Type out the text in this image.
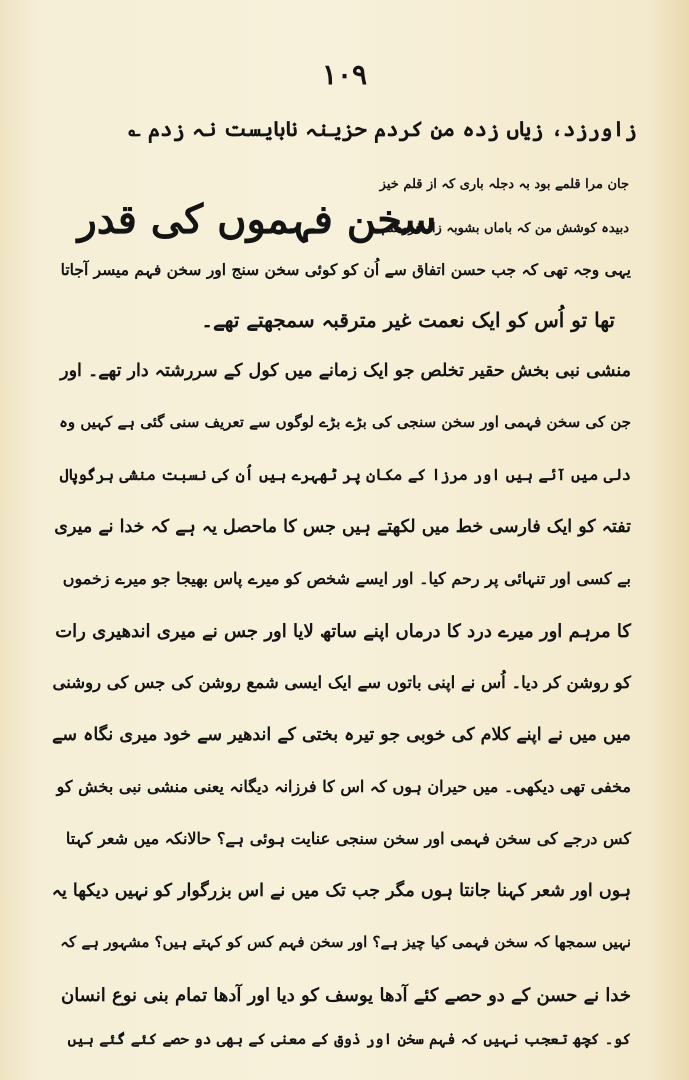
١٠٩
زاورزد، زیاں زدہ من کردم حزینہ نابایست نہ زدم ؎
جان مرا قلمے بود بہ دجلہ باری کہ از قلم خیز
دبیدہ کوشش من کہ باماں بشوبہ زاد فروختم
سخن فہموں کی قدر
یہی وجہ تھی کہ جب حسن اتفاق سے اُن کو کوئی سخن سنج اور سخن فہم میسر آجاتا
تھا تو اُس کو ایک نعمت غیر مترقبہ سمجھتے تھے۔
منشی نبی بخش حقیر تخلص جو ایک زمانے میں کول کے سررشتہ دار تھے۔ اور
جن کی سخن فہمی اور سخن سنجی کی بڑے بڑے لوگوں سے تعریف سنی گئی ہے کہیں وہ
دلی میں آئے ہیں اور مرزا کے مکان پر ٹھہرے ہیں اُن کی نسبت منشی ہرگوپال
تفتہ کو ایک فارسی خط میں لکھتے ہیں جس کا ماحصل یہ ہے کہ خدا نے میری
بے کسی اور تنہائی پر رحم کیا۔ اور ایسے شخص کو میرے پاس بھیجا جو میرے زخموں
کا مرہم اور میرے درد کا درماں اپنے ساتھ لایا اور جس نے میری اندھیری رات
کو روشن کر دیا۔ اُس نے اپنی باتوں سے ایک ایسی شمع روشن کی جس کی روشنی
میں میں نے اپنے کلام کی خوبی جو تیرہ بختی کے اندھیر سے خود میری نگاہ سے
مخفی تھی دیکھی۔ میں حیران ہوں کہ اس کا فرزانہ دیگانہ یعنی منشی نبی بخش کو
کس درجے کی سخن فہمی اور سخن سنجی عنایت ہوئی ہے؟ حالانکہ میں شعر کہتا
ہوں اور شعر کہنا جانتا ہوں مگر جب تک میں نے اس بزرگوار کو نہیں دیکھا یہ
نہیں سمجھا کہ سخن فہمی کیا چیز ہے؟ اور سخن فہم کس کو کہتے ہیں؟ مشہور ہے کہ
خدا نے حسن کے دو حصے کئے آدھا یوسف کو دیا اور آدھا تمام بنی نوع انسان
کو۔ کچھ تعجب نہیں کہ فہم سخن اور ذوق کے معنی کے بھی دو حصے کئے گئے ہیں
